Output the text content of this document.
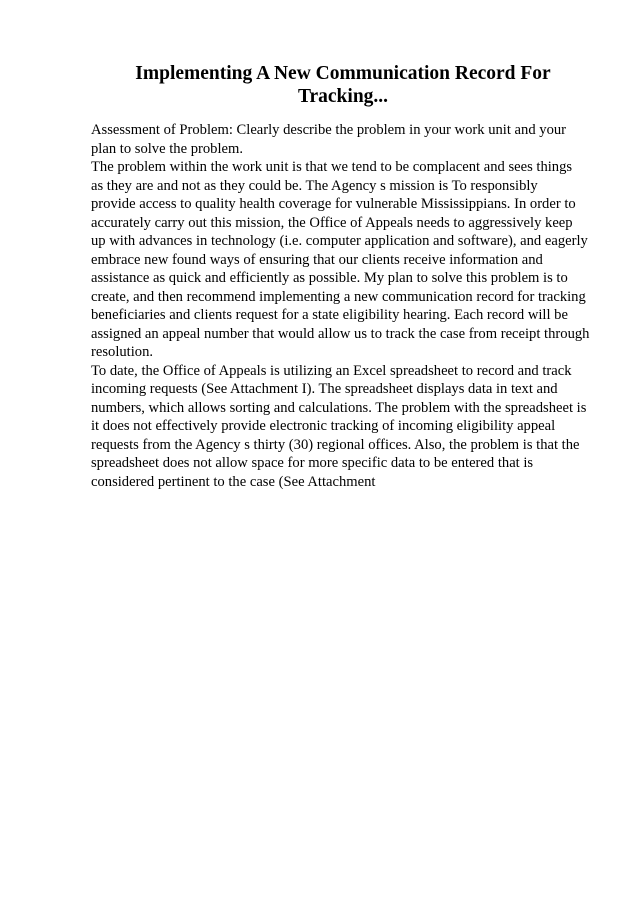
Implementing A New Communication Record For
Tracking...
Assessment of Problem: Clearly describe the problem in your work unit and your
plan to solve the problem.
The problem within the work unit is that we tend to be complacent and sees things
as they are and not as they could be. The Agency s mission is To responsibly
provide access to quality health coverage for vulnerable Mississippians. In order to
accurately carry out this mission, the Office of Appeals needs to aggressively keep
up with advances in technology (i.e. computer application and software), and eagerly
embrace new found ways of ensuring that our clients receive information and
assistance as quick and efficiently as possible. My plan to solve this problem is to
create, and then recommend implementing a new communication record for tracking
beneficiaries and clients request for a state eligibility hearing. Each record will be
assigned an appeal number that would allow us to track the case from receipt through
resolution.
To date, the Office of Appeals is utilizing an Excel spreadsheet to record and track
incoming requests (See Attachment I). The spreadsheet displays data in text and
numbers, which allows sorting and calculations. The problem with the spreadsheet is
it does not effectively provide electronic tracking of incoming eligibility appeal
requests from the Agency s thirty (30) regional offices. Also, the problem is that the
spreadsheet does not allow space for more specific data to be entered that is
considered pertinent to the case (See Attachment
